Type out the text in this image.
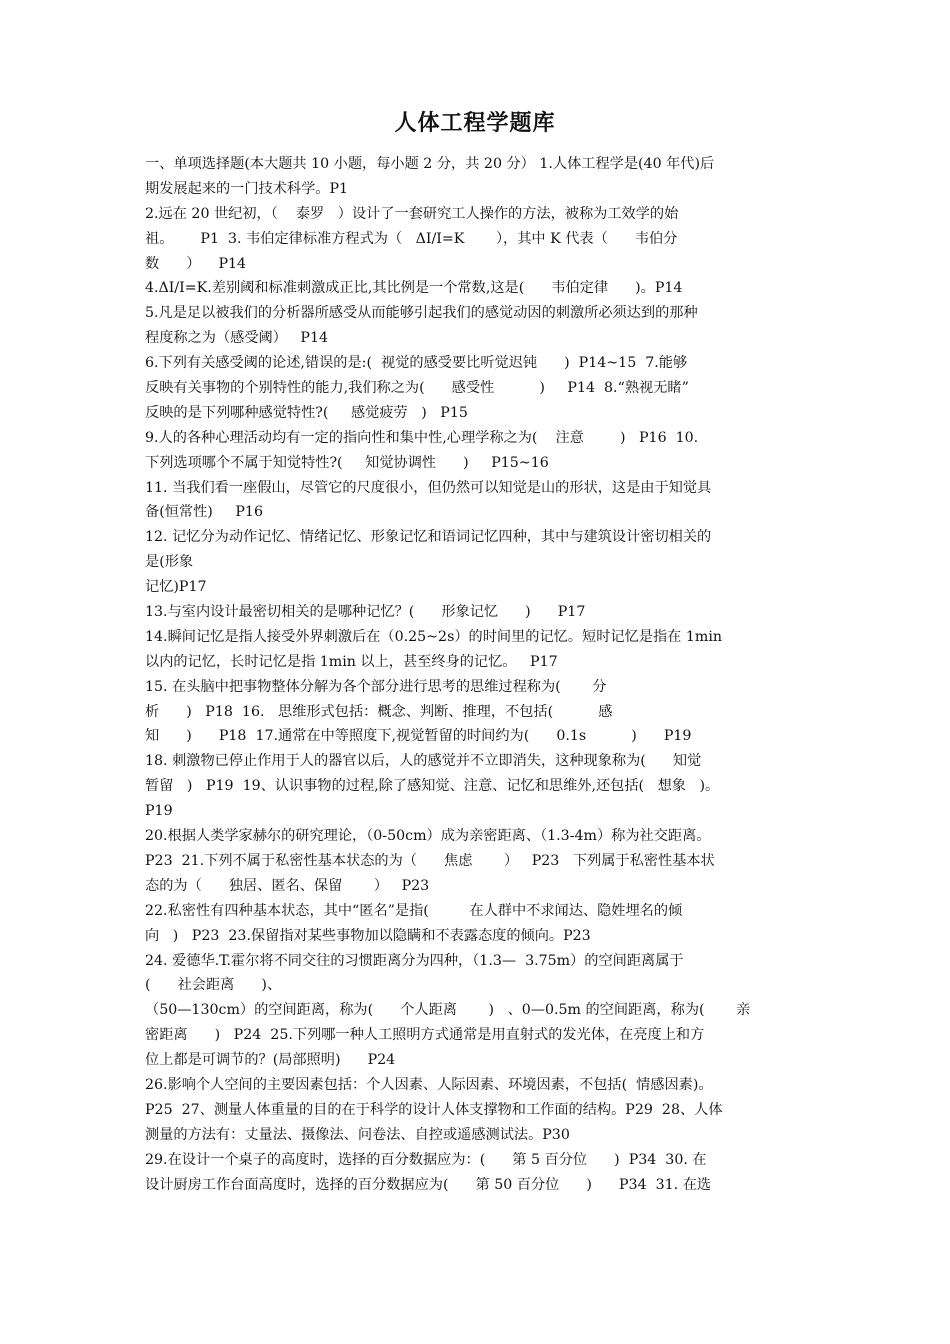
人体工程学题库
一、单项选择题(本大题共 10 小题，每小题 2 分，共 20 分） 1.人体工程学是(40 年代)后
期发展起来的一门技术科学。P1
2.远在 20 世纪初，（    泰罗   ）设计了一套研究工人操作的方法，被称为工效学的始
祖。      P1  3. 韦伯定律标准方程式为（   ΔI/I=K       ），其中 K 代表（      韦伯分
数      ）    P14
4.ΔI/I=K.差别阈和标准刺激成正比,其比例是一个常数,这是(      韦伯定律      )。P14
5.凡是足以被我们的分析器所感受从而能够引起我们的感觉动因的刺激所必须达到的那种
程度称之为（感受阈）   P14
6.下列有关感受阈的论述,错误的是:(  视觉的感受要比听觉迟钝      )  P14~15  7.能够
反映有关事物的个别特性的能力,我们称之为(      感受性          )     P14  8.“熟视无睹”
反映的是下列哪种感觉特性?(     感觉疲劳   )   P15
9.人的各种心理活动均有一定的指向性和集中性,心理学称之为(    注意        )   P16  10.
下列选项哪个不属于知觉特性?(     知觉协调性      )     P15~16
11. 当我们看一座假山，尽管它的尺度很小，但仍然可以知觉是山的形状，这是由于知觉具
备(恒常性)     P16
12. 记忆分为动作记忆、情绪记忆、形象记忆和语词记忆四种，其中与建筑设计密切相关的
是(形象
记忆)P17
13.与室内设计最密切相关的是哪种记忆？(      形象记忆      )      P17
14.瞬间记忆是指人接受外界刺激后在（0.25~2s）的时间里的记忆。短时记忆是指在 1min
以内的记忆，长时记忆是指 1min 以上，甚至终身的记忆。   P17
15. 在头脑中把事物整体分解为各个部分进行思考的思维过程称为(       分
析      )   P18  16.   思维形式包括：概念、判断、推理，不包括(          感
知      )      P18  17.通常在中等照度下,视觉暂留的时间约为(      0.1s          )      P19
18. 刺激物已停止作用于人的器官以后，人的感觉并不立即消失，这种现象称为(      知觉
暂留   )   P19  19、认识事物的过程,除了感知觉、注意、记忆和思维外,还包括(   想象   )。
P19
20.根据人类学家赫尔的研究理论，（0-50cm）成为亲密距离、（1.3-4m）称为社交距离。
P23  21.下列不属于私密性基本状态的为（      焦虑       ）   P23   下列属于私密性基本状
态的为（      独居、匿名、保留       ）   P23
22.私密性有四种基本状态，其中“匿名”是指(         在人群中不求闻达、隐姓埋名的倾
向   )   P23  23.保留指对某些事物加以隐瞒和不表露态度的倾向。P23
24. 爱德华.T.霍尔将不同交往的习惯距离分为四种，（1.3—  3.75m）的空间距离属于
(      社会距离      )、
（50—130cm）的空间距离，称为(      个人距离       )   、0—0.5m 的空间距离，称为(       亲
密距离      )   P24  25.下列哪一种人工照明方式通常是用直射式的发光体，在亮度上和方
位上都是可调节的？(局部照明)      P24
26.影响个人空间的主要因素包括：个人因素、人际因素、环境因素，不包括(  情感因素)。
P25  27、测量人体重量的目的在于科学的设计人体支撑物和工作面的结构。P29  28、人体
测量的方法有：丈量法、摄像法、问卷法、自控或遥感测试法。P30
29.在设计一个桌子的高度时，选择的百分数据应为：(      第 5 百分位      )  P34  30. 在
设计厨房工作台面高度时，选择的百分数据应为(      第 50 百分位      )      P34  31. 在选
